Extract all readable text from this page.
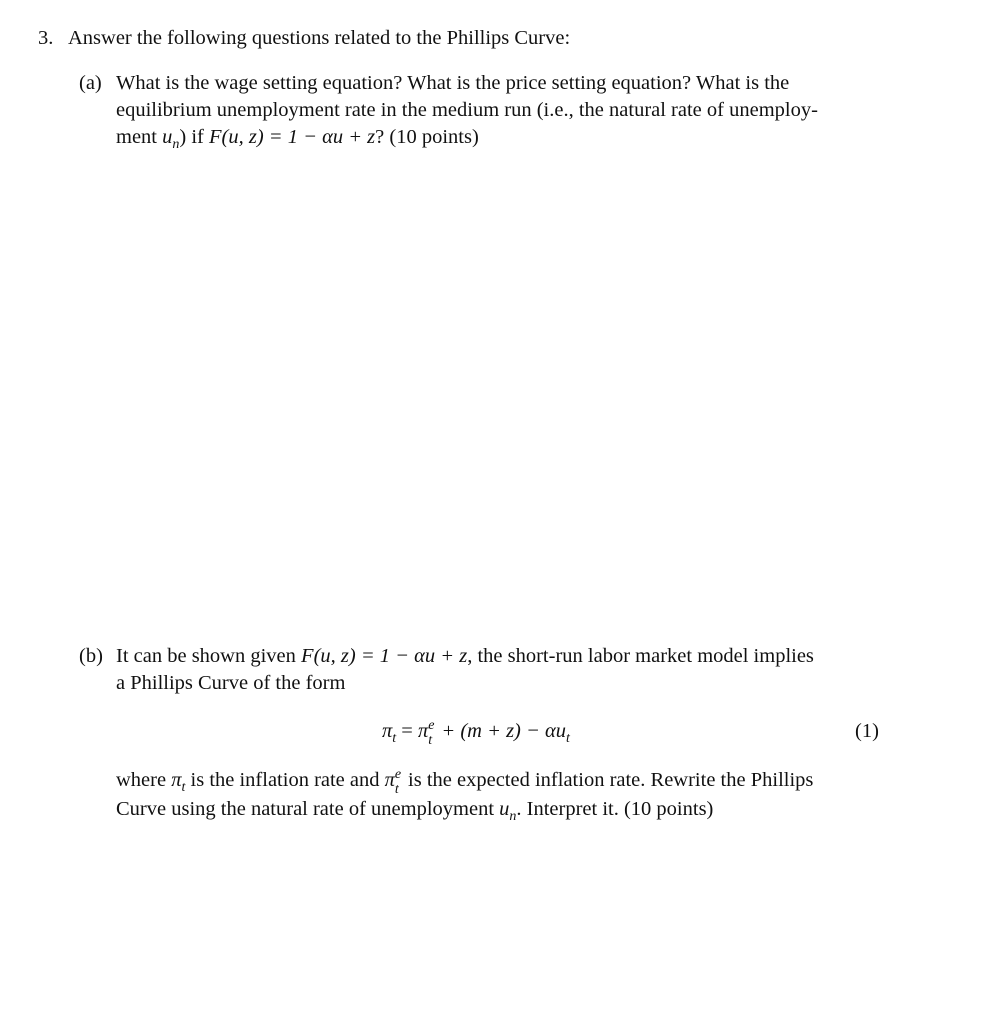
3. Answer the following questions related to the Phillips Curve:
(a) What is the wage setting equation? What is the price setting equation? What is the
equilibrium unemployment rate in the medium run (i.e., the natural rate of unemploy-
ment $u_n$) if F(u, z) = 1 − αu + z? (10 points)
(b) It can be shown given F(u, z) = 1 − αu + z, the short-run labor market model implies
a Phillips Curve of the form
$\pi_t = \pi$ e
$t + (m + z) - \alpha u_t$	(1)
where $\pi_t$ is the inflation rate and π e
t is the expected inflation rate. Rewrite the Phillips
Curve using the natural rate of unemployment $u_n$. Interpret it. (10 points)
